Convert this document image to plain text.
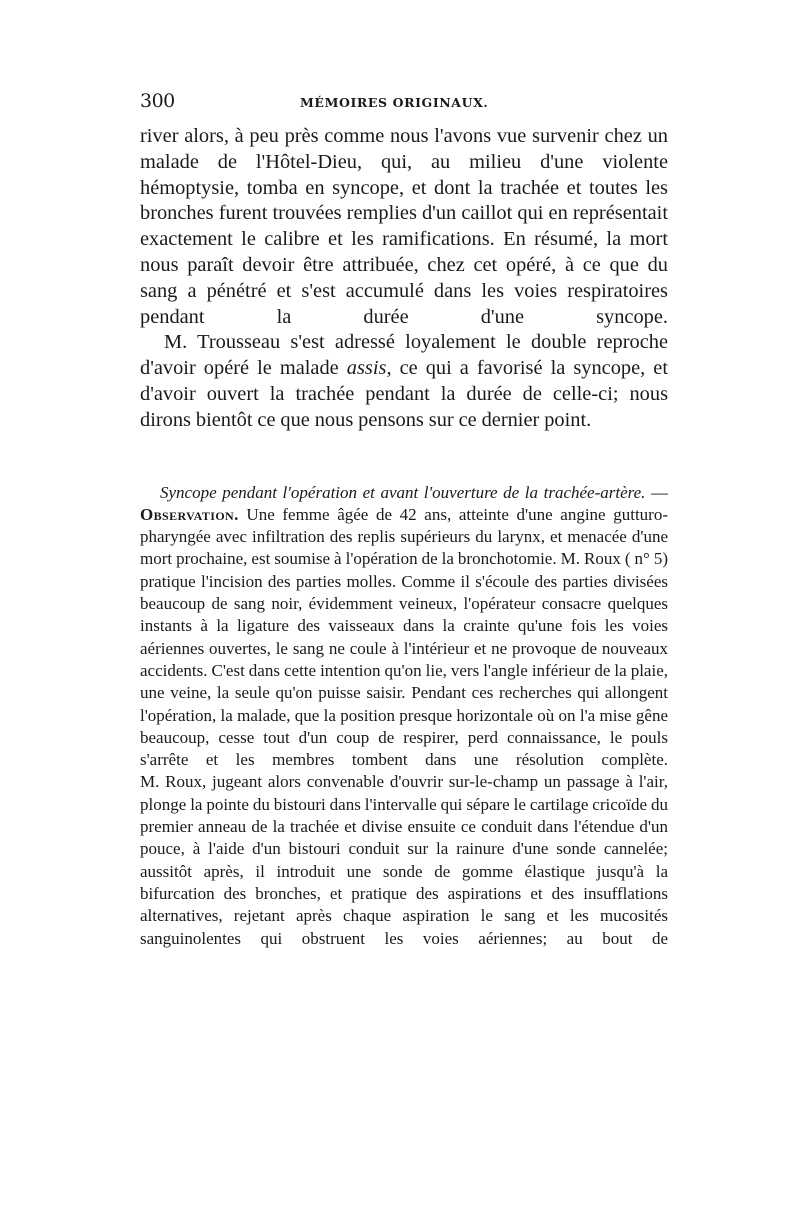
300	MÉMOIRES ORIGINAUX.

river alors, à peu près comme nous l'avons vue survenir chez un malade de l'Hôtel-Dieu, qui, au milieu d'une violente hémoptysie, tomba en syncope, et dont la trachée et toutes les bronches furent trouvées remplies d'un caillot qui en représentait exactement le calibre et les ramifications. En résumé, la mort nous paraît devoir être attribuée, chez cet opéré, à ce que du sang a pénétré et s'est accumulé dans les voies respiratoires pendant la durée d'une syncope.

M. Trousseau s'est adressé loyalement le double reproche d'avoir opéré le malade assis, ce qui a favorisé la syncope, et d'avoir ouvert la trachée pendant la durée de celle-ci; nous dirons bientôt ce que nous pensons sur ce dernier point.

Syncope pendant l'opération et avant l'ouverture de la trachée-artère. — Observation. Une femme âgée de 42 ans, atteinte d'une angine gutturo-pharyngée avec infiltration des replis supérieurs du larynx, et menacée d'une mort prochaine, est soumise à l'opération de la bronchotomie. M. Roux ( n° 5) pratique l'incision des parties molles. Comme il s'écoule des parties divisées beaucoup de sang noir, évidemment veineux, l'opérateur consacre quelques instants à la ligature des vaisseaux dans la crainte qu'une fois les voies aériennes ouvertes, le sang ne coule à l'intérieur et ne provoque de nouveaux accidents. C'est dans cette intention qu'on lie, vers l'angle inférieur de la plaie, une veine, la seule qu'on puisse saisir. Pendant ces recherches qui allongent l'opération, la malade, que la position presque horizontale où on l'a mise gêne beaucoup, cesse tout d'un coup de respirer, perd connaissance, le pouls s'arrête et les membres tombent dans une résolution complète.

M. Roux, jugeant alors convenable d'ouvrir sur-le-champ un passage à l'air, plonge la pointe du bistouri dans l'intervalle qui sépare le cartilage cricoïde du premier anneau de la trachée et divise ensuite ce conduit dans l'étendue d'un pouce, à l'aide d'un bistouri conduit sur la rainure d'une sonde cannelée; aussitôt après, il introduit une sonde de gomme élastique jusqu'à la bifurcation des bronches, et pratique des aspirations et des insufflations alternatives, rejetant après chaque aspiration le sang et les mucosités sanguinolentes qui obstruent les voies aériennes; au bout de
